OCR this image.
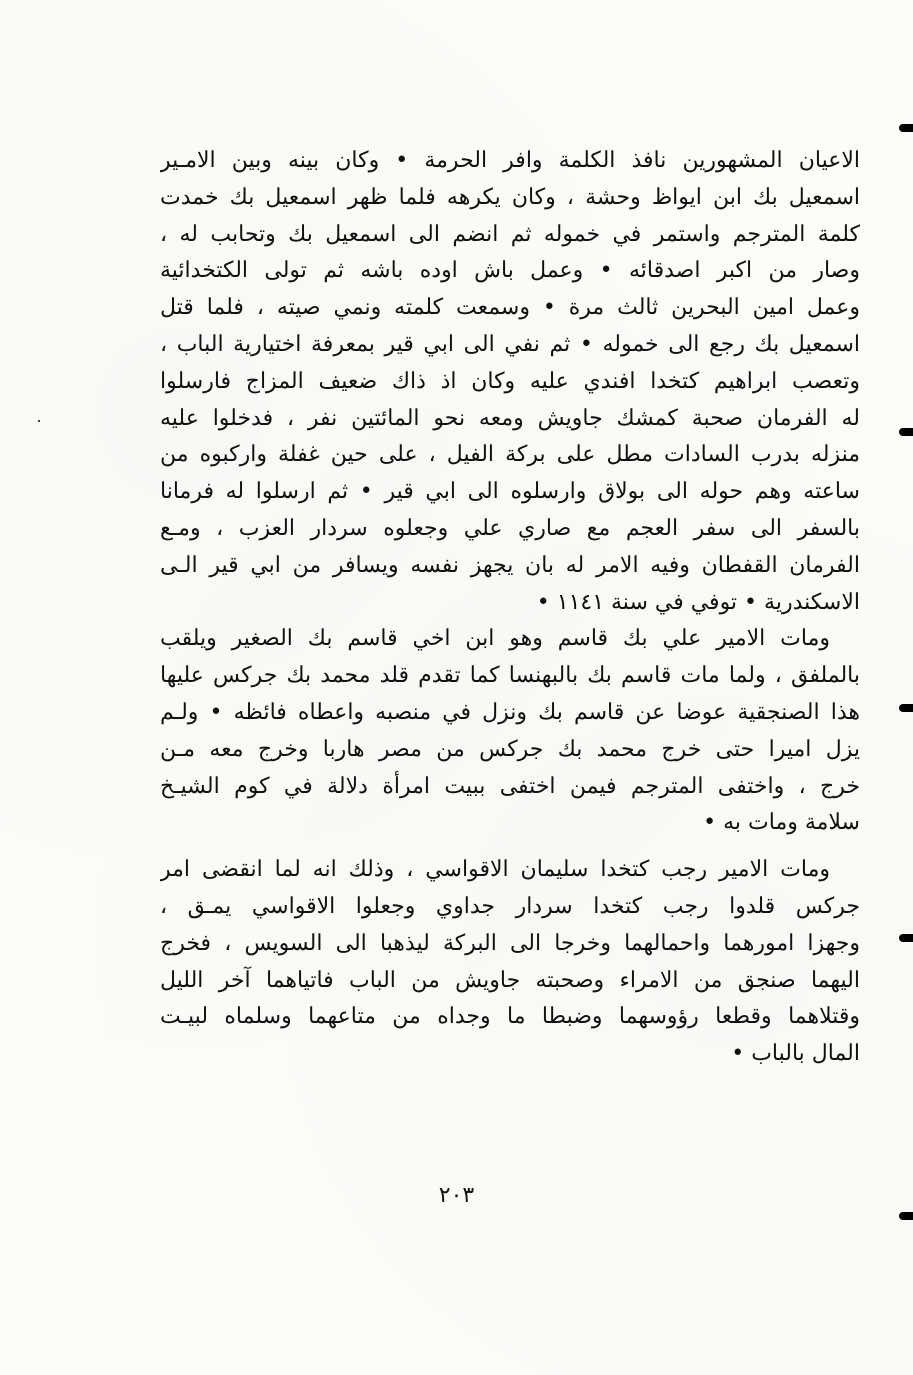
الاعيان المشهورين نافذ الكلمة وافر الحرمة • وكان بينه وبين الامـير
اسمعيل بك ابن ايواظ وحشة ، وكان يكرهه فلما ظهر اسمعيل بك خمدت
كلمة المترجم واستمر في خموله ثم انضم الى اسمعيل بك وتحابب له ،
وصار من اكبر اصدقائه • وعمل باش اوده باشه ثم تولى الكتخدائية
وعمل امين البحرين ثالث مرة • وسمعت كلمته ونمي صيته ، فلما قتل
اسمعيل بك رجع الى خموله • ثم نفي الى ابي قير بمعرفة اختيارية الباب ،
وتعصب ابراهيم كتخدا افندي عليه وكان اذ ذاك ضعيف المزاج فارسلوا
له الفرمان صحبة كمشك جاويش ومعه نحو المائتين نفر ، فدخلوا عليه
منزله بدرب السادات مطل على بركة الفيل ، على حين غفلة واركبوه من
ساعته وهم حوله الى بولاق وارسلوه الى ابي قير • ثم ارسلوا له فرمانا
بالسفر الى سفر العجم مع صاري علي وجعلوه سردار العزب ، ومـع
الفرمان القفطان وفيه الامر له بان يجهز نفسه ويسافر من ابي قير الـى
الاسكندرية • توفي في سنة ١١٤١ •
ومات الامير علي بك قاسم وهو ابن اخي قاسم بك الصغير ويلقب
بالملفق ، ولما مات قاسم بك بالبهنسا كما تقدم قلد محمد بك جركس عليها
هذا الصنجقية عوضا عن قاسم بك ونزل في منصبه واعطاه فائظه • ولـم
يزل اميرا حتى خرج محمد بك جركس من مصر هاربا وخرج معه مـن
خرج ، واختفى المترجم فيمن اختفى ببيت امرأة دلالة في كوم الشيـخ
سلامة ومات به •
ومات الامير رجب كتخدا سليمان الاقواسي ، وذلك انه لما انقضى امر
جركس قلدوا رجب كتخدا سردار جداوي وجعلوا الاقواسي يمـق ،
وجهزا امورهما واحمالهما وخرجا الى البركة ليذهبا الى السويس ، فخرج
اليهما صنجق من الامراء وصحبته جاويش من الباب فاتياهما آخر الليل
وقتلاهما وقطعا رؤوسهما وضبطا ما وجداه من متاعهما وسلماه لبيـت
المال بالباب •
٢٠٣
